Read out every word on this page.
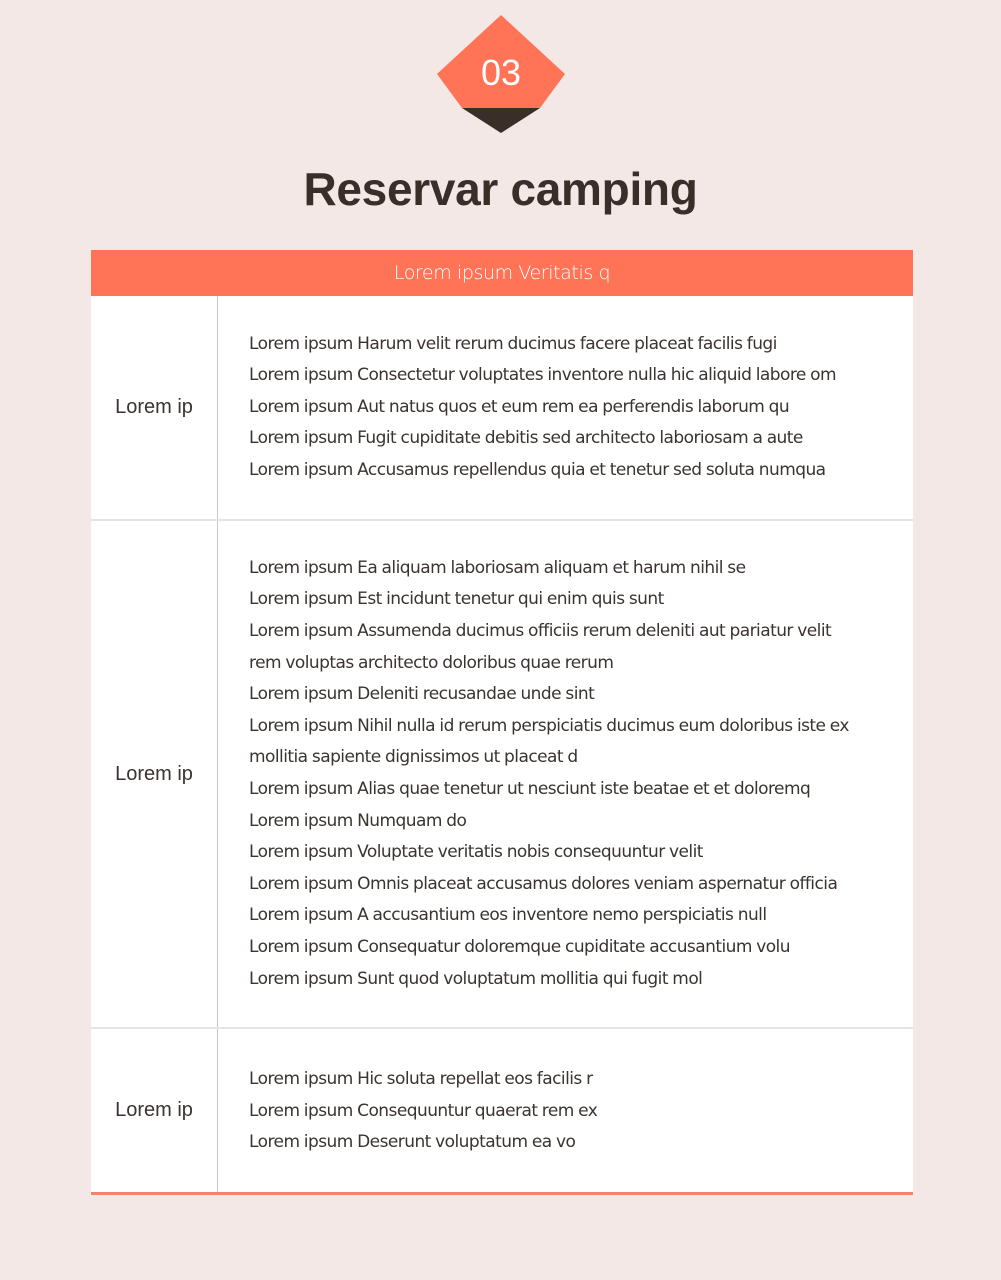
03
Reservar camping
Lorem ipsum Veritatis q
Lorem ip
Lorem ipsum Harum velit rerum ducimus facere placeat facilis fugi
Lorem ipsum Consectetur voluptates inventore nulla hic aliquid labore om
Lorem ipsum Aut natus quos et eum rem ea perferendis laborum qu
Lorem ipsum Fugit cupiditate debitis sed architecto laboriosam a aute
Lorem ipsum Accusamus repellendus quia et tenetur sed soluta numqua
Lorem ip
Lorem ipsum Ea aliquam laboriosam aliquam et harum nihil se
Lorem ipsum Est incidunt tenetur qui enim quis sunt
Lorem ipsum Assumenda ducimus officiis rerum deleniti aut pariatur velit
rem voluptas architecto doloribus quae rerum
Lorem ipsum Deleniti recusandae unde sint
Lorem ipsum Nihil nulla id rerum perspiciatis ducimus eum doloribus iste ex
mollitia sapiente dignissimos ut placeat d
Lorem ipsum Alias quae tenetur ut nesciunt iste beatae et et doloremq
Lorem ipsum Numquam do
Lorem ipsum Voluptate veritatis nobis consequuntur velit
Lorem ipsum Omnis placeat accusamus dolores veniam aspernatur officia
Lorem ipsum A accusantium eos inventore nemo perspiciatis null
Lorem ipsum Consequatur doloremque cupiditate accusantium volu
Lorem ipsum Sunt quod voluptatum mollitia qui fugit mol
Lorem ip
Lorem ipsum Hic soluta repellat eos facilis r
Lorem ipsum Consequuntur quaerat rem ex
Lorem ipsum Deserunt voluptatum ea vo
